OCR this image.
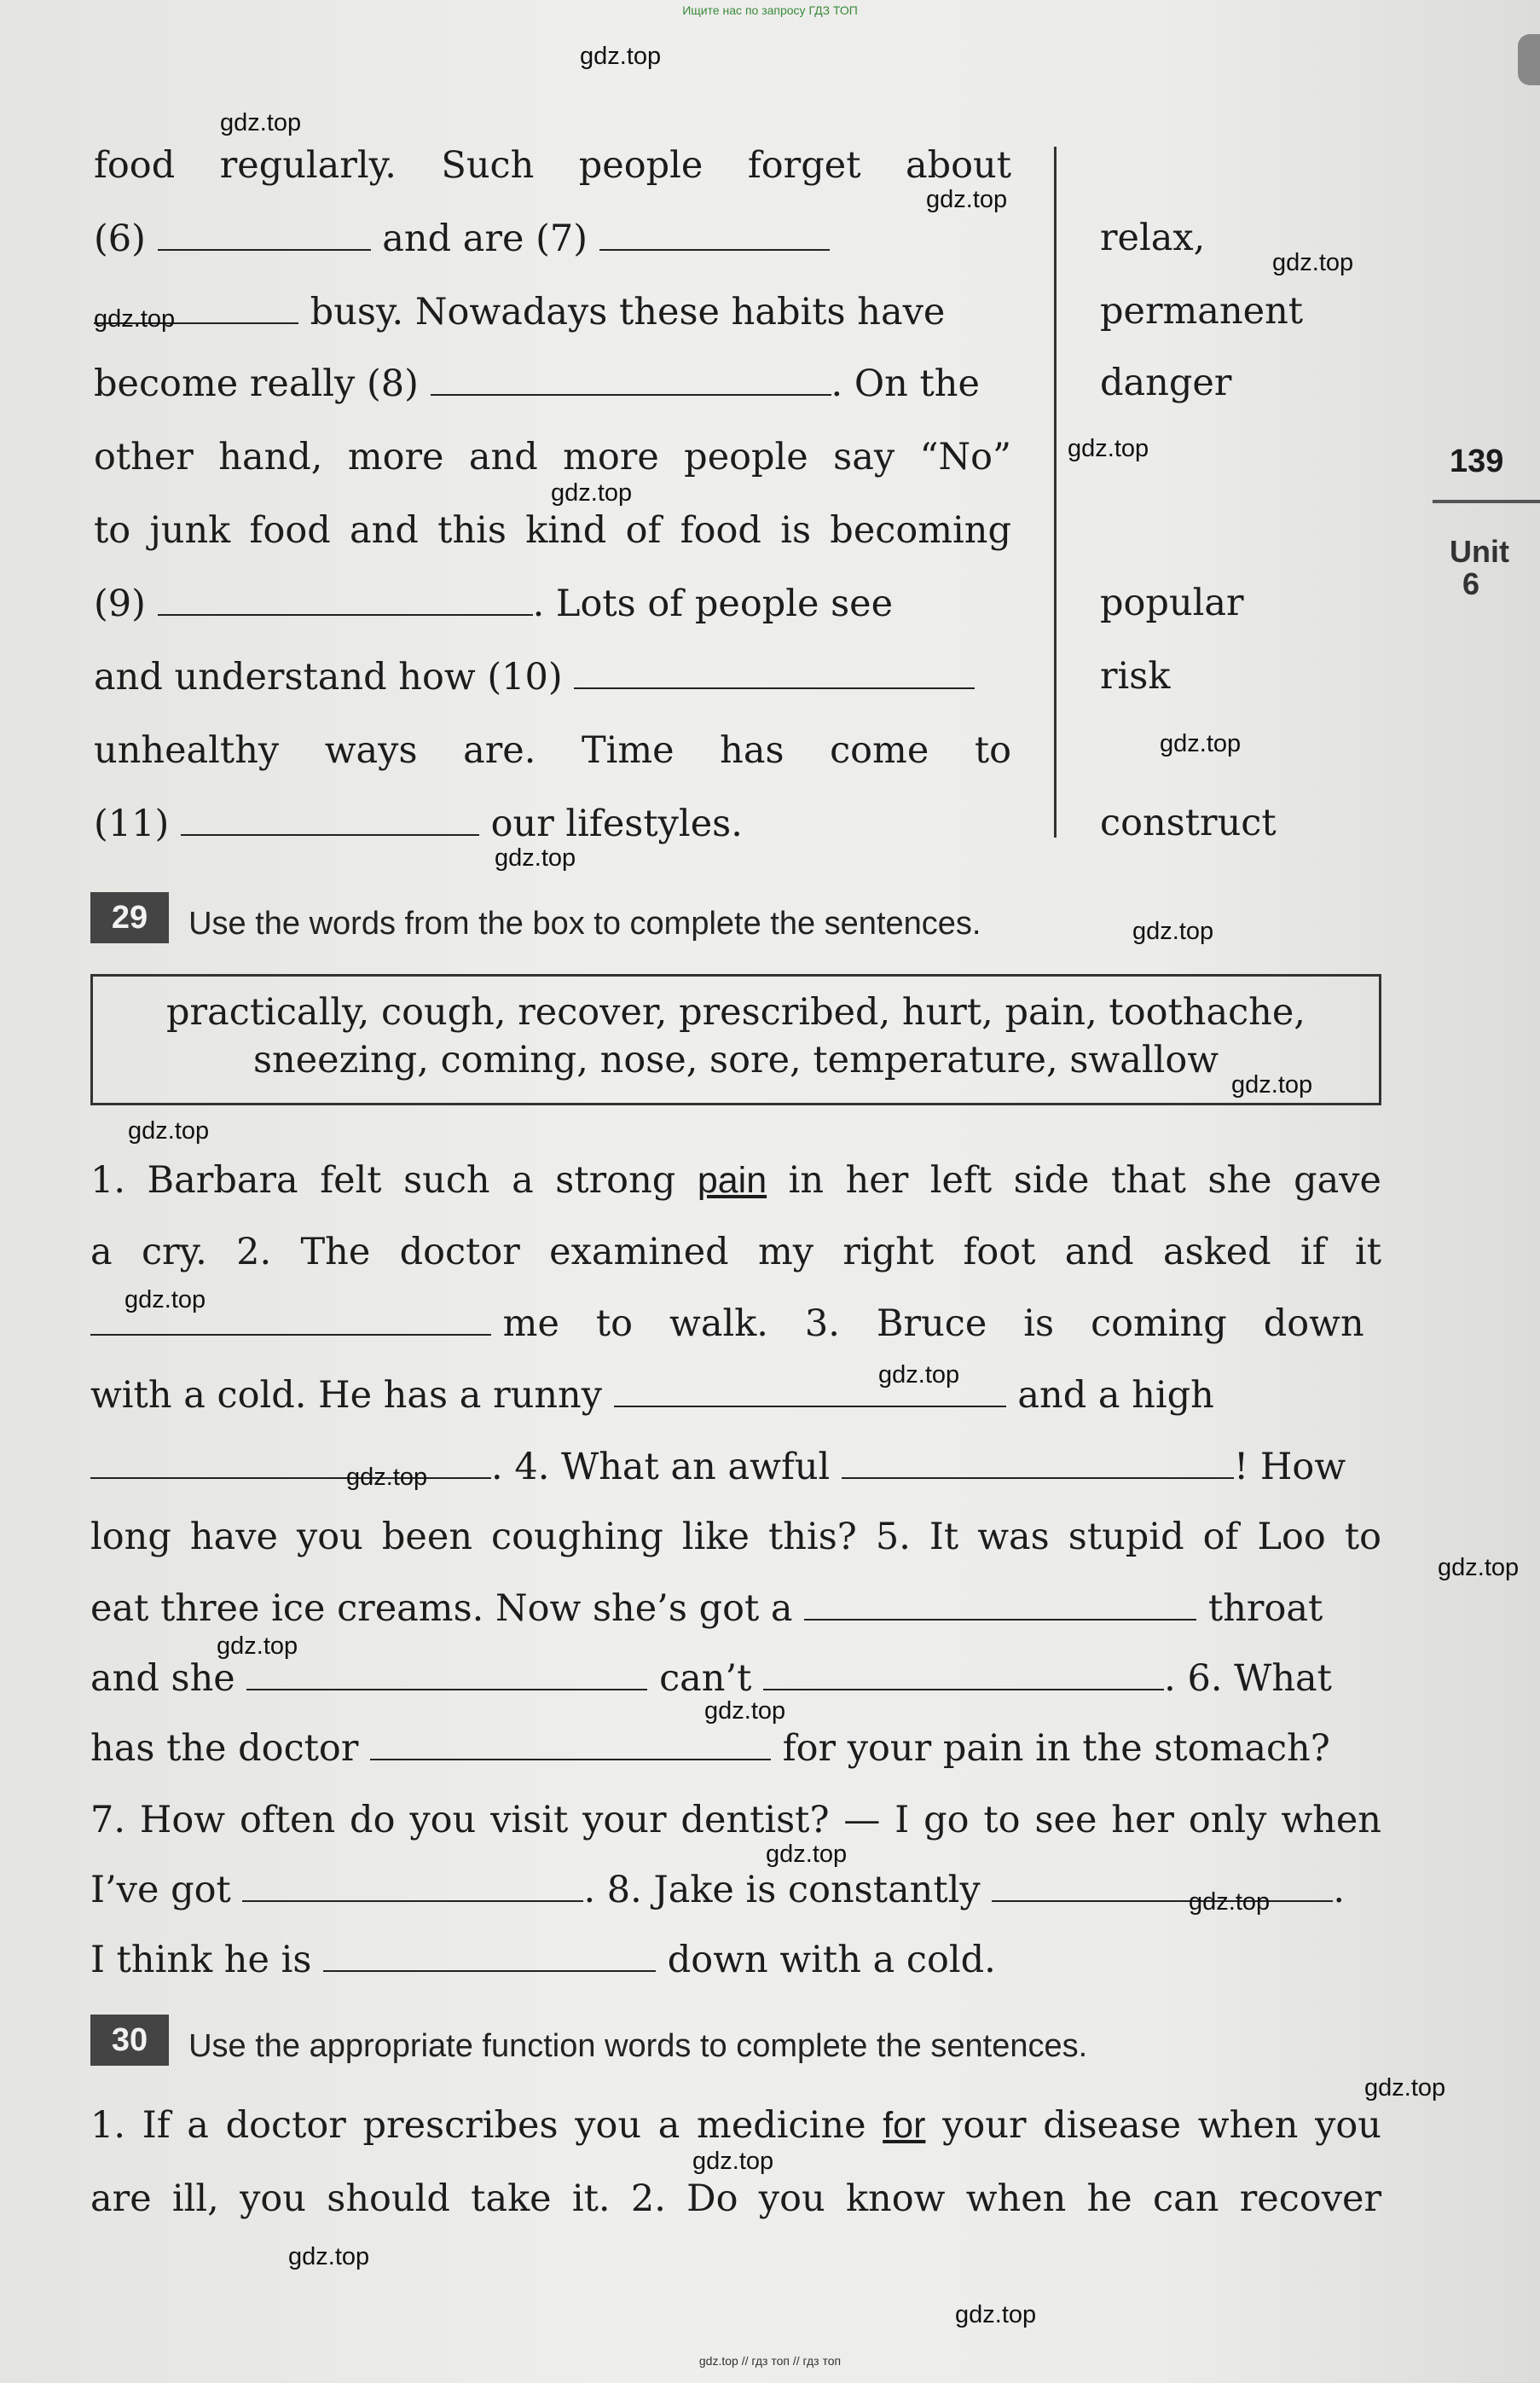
Ищите нас по запросу ГДЗ ТОП
food regularly. Such people forget about
(6)	and are (7)
busy. Nowadays these habits have
become really (8)	. On the
other hand, more and more people say “No”
to junk food and this kind of food is becoming
(9)	. Lots of people see
and understand how (10)
unhealthy ways are. Time has come to
(11)	our lifestyles.
relax,
permanent
danger
popular
risk
construct
139
Unit 6
29 Use the words from the box to complete the sentences.
practically, cough, recover, prescribed, hurt, pain, toothache,
sneezing, coming, nose, sore, temperature, swallow
1. Barbara felt such a strong pain in her left side that she gave
a cry. 2. The doctor examined my right foot and asked if it
me to walk. 3. Bruce is coming down
with a cold. He has a runny	and a high
. 4. What an awful	! How
long have you been coughing like this? 5. It was stupid of Loo to
eat three ice creams. Now she’s got a	throat
and she	can’t	. 6. What
has the doctor	for your pain in the stomach?
7. How often do you visit your dentist? — I go to see her only when
I’ve got	. 8. Jake is constantly	.
I think he is	down with a cold.
30 Use the appropriate function words to complete the sentences.
1. If a doctor prescribes you a medicine for your disease when you
are ill, you should take it. 2. Do you know when he can recover
gdz.top
gdz.top
gdz.top
gdz.top
gdz.top
gdz.top
gdz.top
gdz.top
gdz.top
gdz.top
gdz.top
gdz.top
gdz.top
gdz.top
gdz.top
gdz.top
gdz.top
gdz.top
gdz.top
gdz.top
gdz.top
gdz.top
gdz.top
gdz.top
gdz.top // гдз топ // гдз топ
